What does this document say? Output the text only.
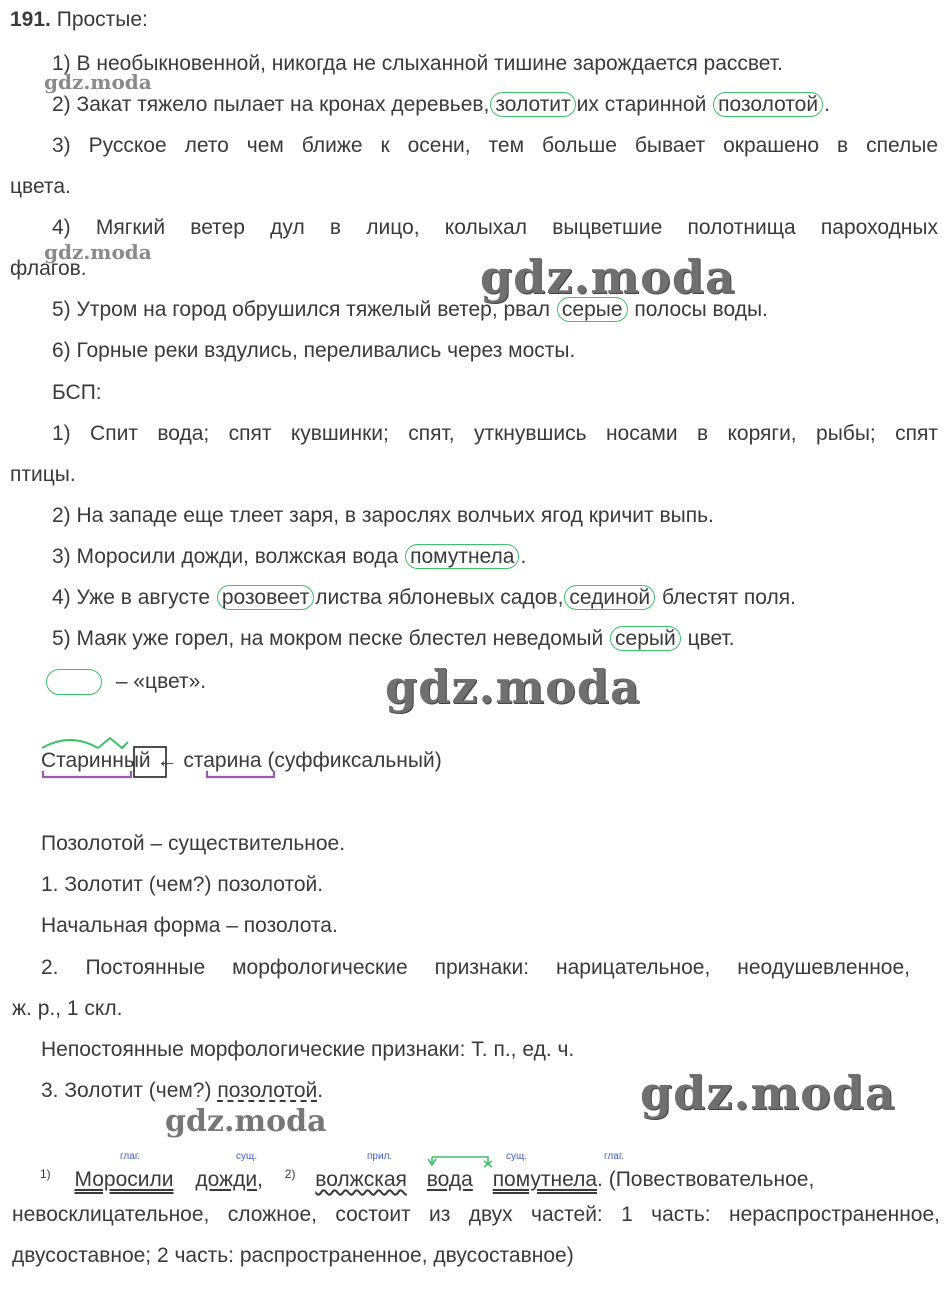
191. Простые:
1) В необыкновенной, никогда не слыханной тишине зарождается рассвет.
2) Закат тяжело пылает на кронах деревьев, золотит их старинной позолотой .
3) Русское лето чем ближе к осени, тем больше бывает окрашено в спелые
цвета.
4) Мягкий ветер дул в лицо, колыхал выцветшие полотнища пароходных
флагов.
5) Утром на город обрушился тяжелый ветер, рвал серые полосы воды.
6) Горные реки вздулись, переливались через мосты.
БСП:
1) Спит вода; спят кувшинки; спят, уткнувшись носами в коряги, рыбы; спят
птицы.
2) На западе еще тлеет заря, в зарослях волчьих ягод кричит выпь.
3) Моросили дожди, волжская вода помутнела .
4) Уже в августе розовеет листва яблоневых садов, сединой блестят поля.
5) Маяк уже горел, на мокром песке блестел неведомый серый цвет.
– «цвет».
Старинный ← старина (суффиксальный)
Позолотой – существительное.
1. Золотит (чем?) позолотой.
Начальная форма – позолота.
2. Постоянные морфологические признаки: нарицательное, неодушевленное,
ж. р., 1 скл.
Непостоянные морфологические признаки: Т. п., ед. ч.
3. Золотит (чем?) позолотой.
глаг.	сущ.	прил.	сущ.	глаг.
$^{1)}$ Моросили дожди, $^{2)}$ волжская вода помутнела. (Повествовательное,
невосклицательное, сложное, состоит из двух частей: 1 часть: нераспространенное,
двусоставное; 2 часть: распространенное, двусоставное)
gdz.moda
gdz.moda	gdz.moda
gdz.moda
gdz.moda
gdz.moda
